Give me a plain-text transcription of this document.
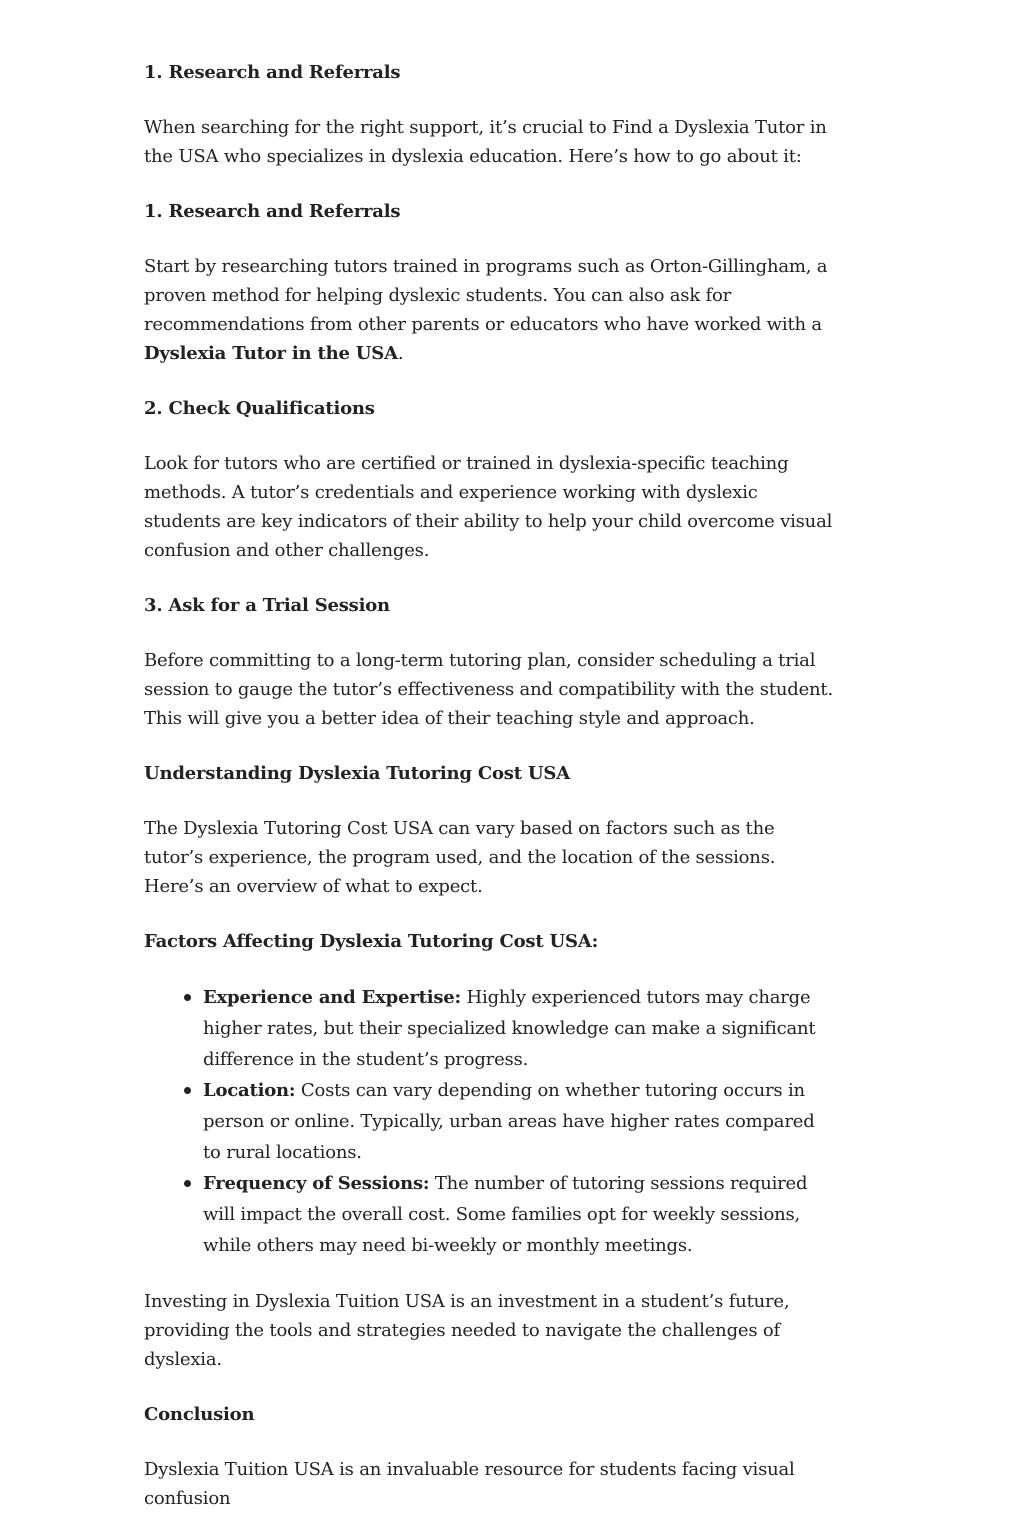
1. Research and Referrals

When searching for the right support, it’s crucial to Find a Dyslexia Tutor in the USA who specializes in dyslexia education. Here’s how to go about it:

1. Research and Referrals

Start by researching tutors trained in programs such as Orton-Gillingham, a proven method for helping dyslexic students. You can also ask for recommendations from other parents or educators who have worked with a Dyslexia Tutor in the USA.

2. Check Qualifications

Look for tutors who are certified or trained in dyslexia-specific teaching methods. A tutor’s credentials and experience working with dyslexic students are key indicators of their ability to help your child overcome visual confusion and other challenges.

3. Ask for a Trial Session

Before committing to a long-term tutoring plan, consider scheduling a trial session to gauge the tutor’s effectiveness and compatibility with the student. This will give you a better idea of their teaching style and approach.

Understanding Dyslexia Tutoring Cost USA

The Dyslexia Tutoring Cost USA can vary based on factors such as the tutor’s experience, the program used, and the location of the sessions. Here’s an overview of what to expect.

Factors Affecting Dyslexia Tutoring Cost USA:
Experience and Expertise: Highly experienced tutors may charge higher rates, but their specialized knowledge can make a significant difference in the student’s progress.
Location: Costs can vary depending on whether tutoring occurs in person or online. Typically, urban areas have higher rates compared to rural locations.
Frequency of Sessions: The number of tutoring sessions required will impact the overall cost. Some families opt for weekly sessions, while others may need bi-weekly or monthly meetings.

Investing in Dyslexia Tuition USA is an investment in a student’s future, providing the tools and strategies needed to navigate the challenges of dyslexia.

Conclusion

Dyslexia Tuition USA is an invaluable resource for students facing visual confusion
